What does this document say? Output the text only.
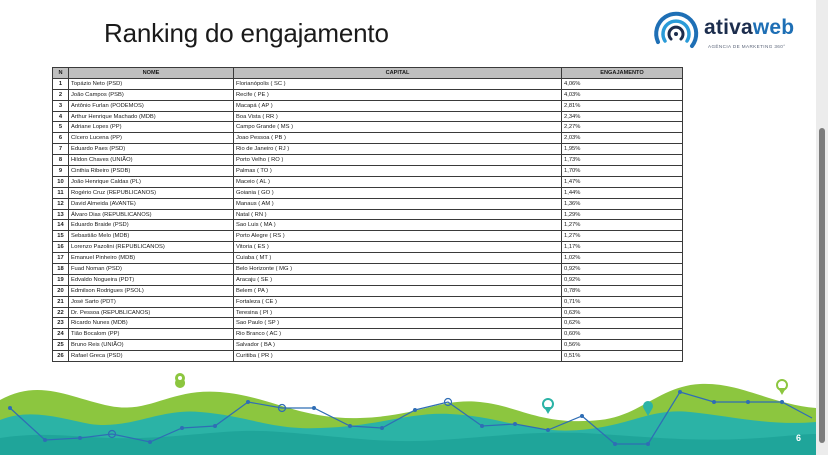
Ranking do engajamento	ativaweb
AGÊNCIA DE MARKETING 360°
N	NOME	CAPITAL	ENGAJAMENTO
1	Topázio Neto (PSD)	Florianópolis ( SC )	4,06%
2	João Campos (PSB)	Recife ( PE )	4,03%
3	Antônio Furlan (PODEMOS)	Macapá ( AP )	2,81%
4	Arthur Henrique Machado (MDB)	Boa Vista ( RR )	2,34%
5	Adriane Lopes (PP)	Campo Grande ( MS )	2,27%
6	Cícero Lucena (PP)	Joao Pessoa ( PB )	2,03%
7	Eduardo Paes (PSD)	Rio de Janeiro ( RJ )	1,95%
8	Hildon Chaves (UNIÃO)	Porto Velho ( RO )	1,73%
9	Cinthia Ribeiro (PSDB)	Palmas ( TO )	1,70%
10	João Henrique Caldas (PL)	Maceio ( AL )	1,47%
11	Rogério Cruz (REPUBLICANOS)	Goiania ( GO )	1,44%
12	David Almeida (AVANTE)	Manaus ( AM )	1,36%
13	Álvaro Dias (REPUBLICANOS)	Natal ( RN )	1,29%
14	Eduardo Braide (PSD)	Sao Luis ( MA )	1,27%
15	Sebastião Melo (MDB)	Porto Alegre ( RS )	1,27%
16	Lorenzo Pazolini (REPUBLICANOS)	Vitoria ( ES )	1,17%
17	Emanuel Pinheiro (MDB)	Cuiaba ( MT )	1,02%
18	Fuad Noman (PSD)	Belo Horizonte ( MG )	0,92%
19	Edvaldo Nogueira (PDT)	Aracaju ( SE )	0,92%
20	Edmilson Rodrigues (PSOL)	Belem ( PA )	0,78%
21	José Sarto (PDT)	Fortaleza ( CE )	0,71%
22	Dr. Pessoa (REPUBLICANOS)	Teresina ( PI )	0,63%
23	Ricardo Nunes (MDB)	Sao Paulo ( SP )	0,62%
24	Tião Bocalom (PP)	Rio Branco ( AC )	0,60%
25	Bruno Reis (UNIÃO)	Salvador ( BA )	0,56%
26	Rafael Greca (PSD)	Curitiba ( PR )	0,51%
6
